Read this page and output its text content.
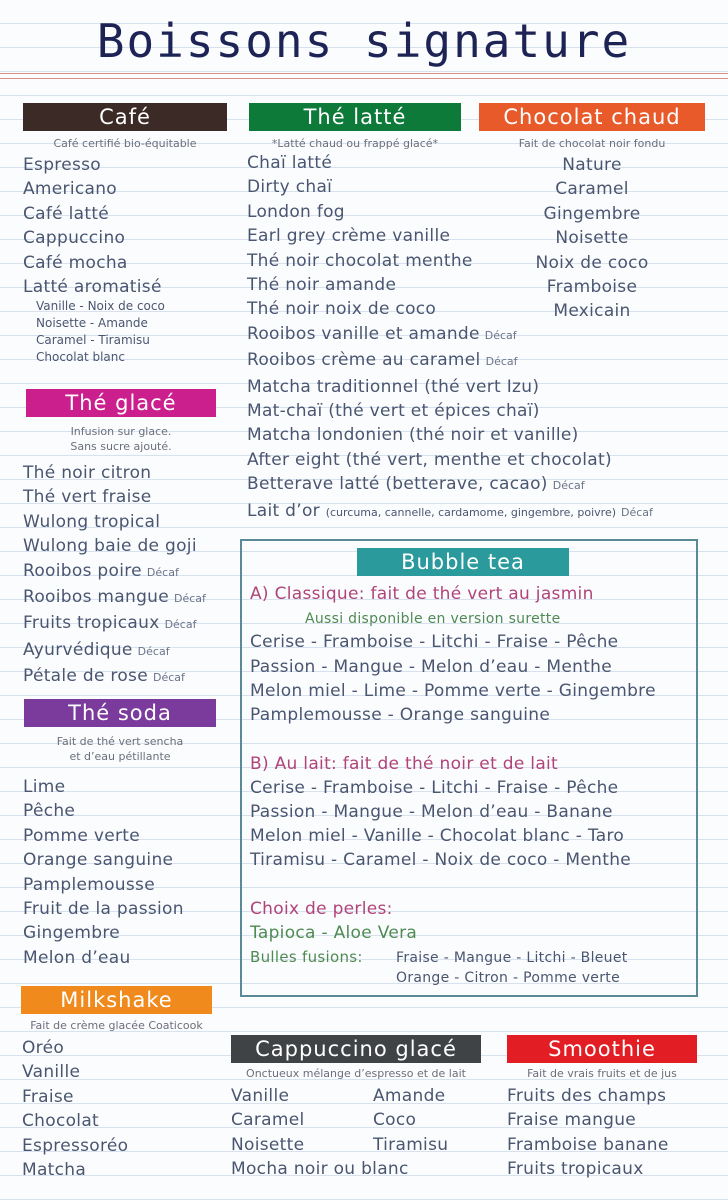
Boissons signature
Café
Café certifié bio-équitable
Espresso
Americano
Café latté
Cappuccino
Café mocha
Latté aromatisé
Vanille - Noix de coco
Noisette - Amande
Caramel - Tiramisu
Chocolat blanc
Thé latté
*Latté chaud ou frappé glacé*
Chaï latté
Dirty chaï
London fog
Earl grey crème vanille
Thé noir chocolat menthe
Thé noir amande
Thé noir noix de coco
Rooibos vanille et amande Décaf
Rooibos crème au caramel Décaf
Matcha traditionnel (thé vert Izu)
Mat-chaï (thé vert et épices chaï)
Matcha londonien (thé noir et vanille)
After eight (thé vert, menthe et chocolat)
Betterave latté (betterave, cacao) Décaf
Lait d’or (curcuma, cannelle, cardamome, gingembre, poivre) Décaf
Chocolat chaud
Fait de chocolat noir fondu
Nature
Caramel
Gingembre
Noisette
Noix de coco
Framboise
Mexicain
Thé glacé
Infusion sur glace.
Sans sucre ajouté.
Thé noir citron
Thé vert fraise
Wulong tropical
Wulong baie de goji
Rooibos poire Décaf
Rooibos mangue Décaf
Fruits tropicaux Décaf
Ayurvédique Décaf
Pétale de rose Décaf
Thé soda
Fait de thé vert sencha
et d’eau pétillante
Lime
Pêche
Pomme verte
Orange sanguine
Pamplemousse
Fruit de la passion
Gingembre
Melon d’eau
Milkshake
Fait de crème glacée Coaticook
Oréo
Vanille
Fraise
Chocolat
Espressoréo
Matcha
Bubble tea
A) Classique: fait de thé vert au jasmin
Aussi disponible en version surette
Cerise - Framboise - Litchi - Fraise - Pêche
Passion - Mangue - Melon d’eau - Menthe
Melon miel - Lime - Pomme verte - Gingembre
Pamplemousse - Orange sanguine
B) Au lait: fait de thé noir et de lait
Cerise - Framboise - Litchi - Fraise - Pêche
Passion - Mangue - Melon d’eau - Banane
Melon miel - Vanille - Chocolat blanc - Taro
Tiramisu - Caramel - Noix de coco - Menthe
Choix de perles:
Tapioca - Aloe Vera
Bulles fusions: Fraise - Mangue - Litchi - Bleuet
Orange - Citron - Pomme verte
Cappuccino glacé
Onctueux mélange d’espresso et de lait
Vanille
Caramel
Noisette
Mocha noir ou blanc
Amande
Coco
Tiramisu
Smoothie
Fait de vrais fruits et de jus
Fruits des champs
Fraise mangue
Framboise banane
Fruits tropicaux
